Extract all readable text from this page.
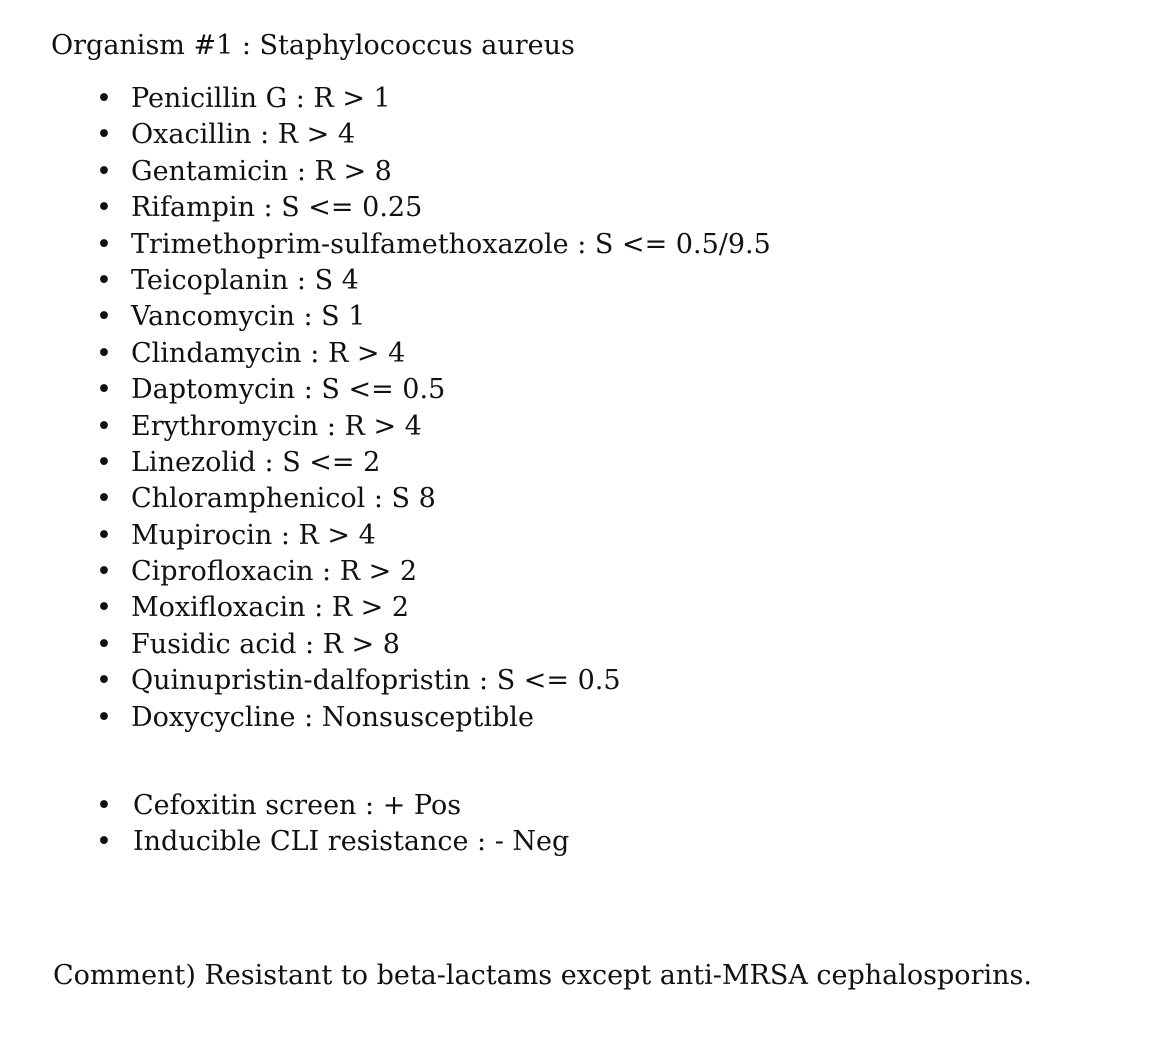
Organism #1 : Staphylococcus aureus
• Penicillin G : R > 1
• Oxacillin : R > 4
• Gentamicin : R > 8
• Rifampin : S <= 0.25
• Trimethoprim-sulfamethoxazole : S <= 0.5/9.5
• Teicoplanin : S 4
• Vancomycin : S 1
• Clindamycin : R > 4
• Daptomycin : S <= 0.5
• Erythromycin : R > 4
• Linezolid : S <= 2
• Chloramphenicol : S 8
• Mupirocin : R > 4
• Ciprofloxacin : R > 2
• Moxifloxacin : R > 2
• Fusidic acid : R > 8
• Quinupristin-dalfopristin : S <= 0.5
• Doxycycline : Nonsusceptible
• Cefoxitin screen : + Pos
• Inducible CLI resistance : - Neg

Comment) Resistant to beta-lactams except anti-MRSA cephalosporins.
